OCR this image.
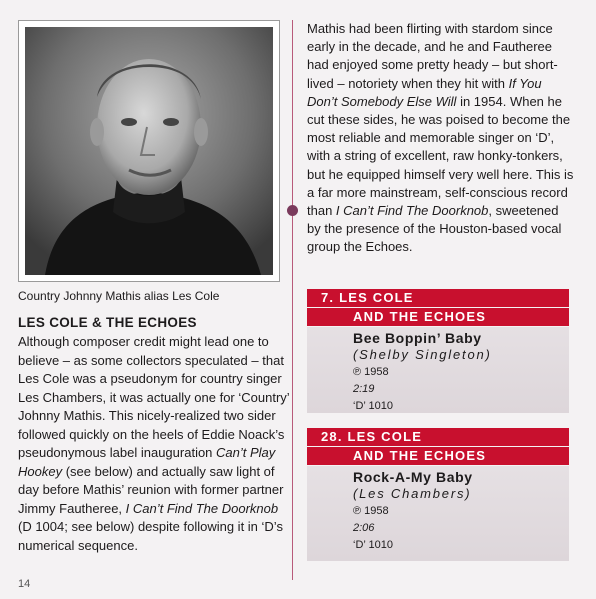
Country Johnny Mathis alias Les Cole
LES COLE & THE ECHOES
Although composer credit might lead one to believe – as some collectors speculated – that Les Cole was a pseudonym for country singer Les Chambers, it was actually one for ‘Country’ Johnny Mathis. This nicely-realized two sider followed quickly on the heels of Eddie Noack’s pseudonymous label inauguration Can’t Play Hookey (see below) and actually saw light of day before Mathis’ reunion with former partner Jimmy Fautheree, I Can’t Find The Doorknob (D 1004; see below) despite following it in ‘D’s numerical sequence.
Mathis had been flirting with stardom since early in the decade, and he and Fautheree had enjoyed some pretty heady – but short-lived – notoriety when they hit with If You Don’t Somebody Else Will in 1954. When he cut these sides, he was poised to become the most reliable and memorable singer on ‘D’, with a string of excellent, raw honky-tonkers, but he equipped himself very well here. This is a far more mainstream, self-conscious record than I Can’t Find The Doorknob, sweetened by the presence of the Houston-based vocal group the Echoes.
7. LES COLE
AND THE ECHOES
Bee Boppin’ Baby
(Shelby Singleton)
℗ 1958
2:19
‘D’ 1010
28. LES COLE
AND THE ECHOES
Rock-A-My Baby
(Les Chambers)
℗ 1958
2:06
‘D’ 1010
14
